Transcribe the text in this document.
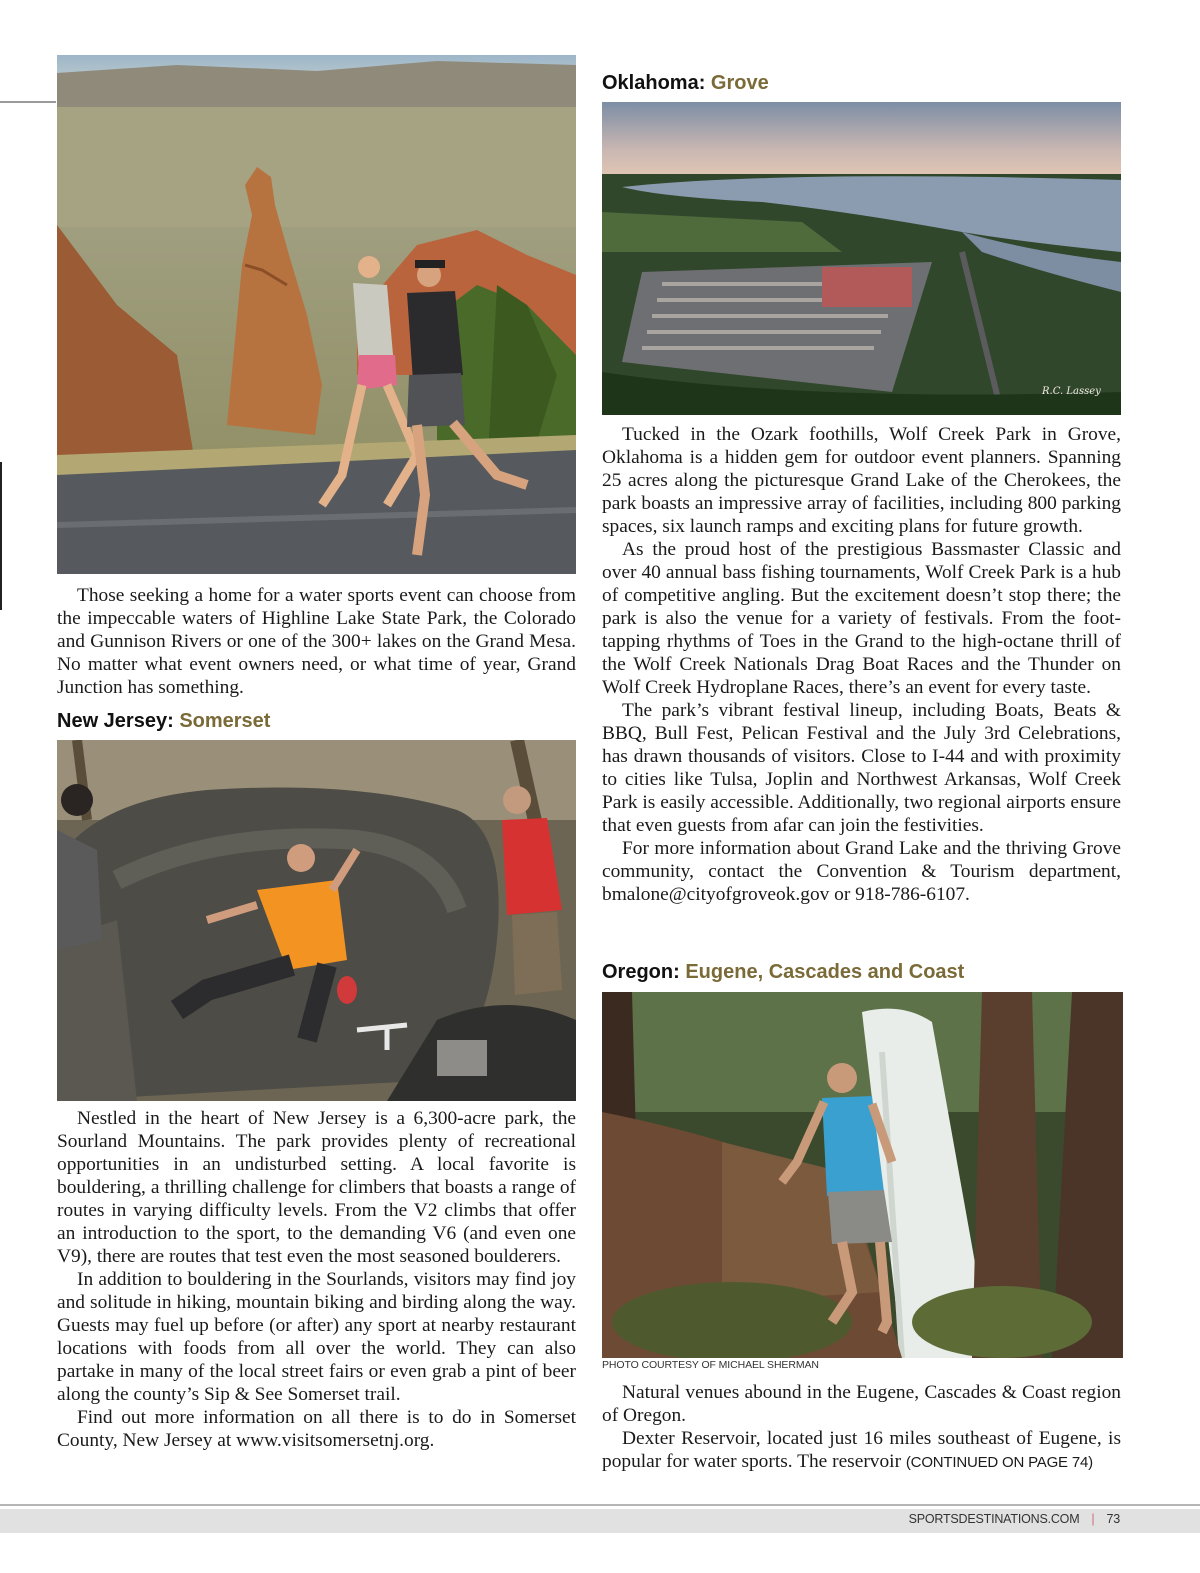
Those seeking a home for a water sports event can choose from the impeccable waters of Highline Lake State Park, the Colorado and Gunnison Rivers or one of the 300+ lakes on the Grand Mesa. No matter what event owners need, or what time of year, Grand Junction has something.

New Jersey: Somerset

Nestled in the heart of New Jersey is a 6,300-acre park, the Sourland Mountains. The park provides plenty of recreational opportunities in an undisturbed setting. A local favorite is bouldering, a thrilling challenge for climbers that boasts a range of routes in varying difficulty levels. From the V2 climbs that offer an introduction to the sport, to the demanding V6 (and even one V9), there are routes that test even the most seasoned boulderers.

In addition to bouldering in the Sourlands, visitors may find joy and solitude in hiking, mountain biking and birding along the way. Guests may fuel up before (or after) any sport at nearby restaurant locations with foods from all over the world. They can also partake in many of the local street fairs or even grab a pint of beer along the county’s Sip & See Somerset trail.

Find out more information on all there is to do in Somerset County, New Jersey at www.visitsomersetnj.org.

Oklahoma: Grove

R.C. Lassey

Tucked in the Ozark foothills, Wolf Creek Park in Grove, Oklahoma is a hidden gem for outdoor event planners. Spanning 25 acres along the picturesque Grand Lake of the Cherokees, the park boasts an impressive array of facilities, including 800 parking spaces, six launch ramps and exciting plans for future growth.

As the proud host of the prestigious Bassmaster Classic and over 40 annual bass fishing tournaments, Wolf Creek Park is a hub of competitive angling. But the excitement doesn’t stop there; the park is also the venue for a variety of festivals. From the foot-tapping rhythms of Toes in the Grand to the high-octane thrill of the Wolf Creek Nationals Drag Boat Races and the Thunder on Wolf Creek Hydroplane Races, there’s an event for every taste.

The park’s vibrant festival lineup, including Boats, Beats & BBQ, Bull Fest, Pelican Festival and the July 3rd Celebrations, has drawn thousands of visitors. Close to I-44 and with proximity to cities like Tulsa, Joplin and Northwest Arkansas, Wolf Creek Park is easily accessible. Additionally, two regional airports ensure that even guests from afar can join the festivities.

For more information about Grand Lake and the thriving Grove community, contact the Convention & Tourism department, bmalone@cityofgroveok.gov or 918-786-6107.

Oregon: Eugene, Cascades and Coast

PHOTO COURTESY OF MICHAEL SHERMAN

Natural venues abound in the Eugene, Cascades & Coast region of Oregon.

Dexter Reservoir, located just 16 miles southeast of Eugene, is popular for water sports. The reservoir (CONTINUED ON PAGE 74)

SPORTSDESTINATIONS.COM | 73
